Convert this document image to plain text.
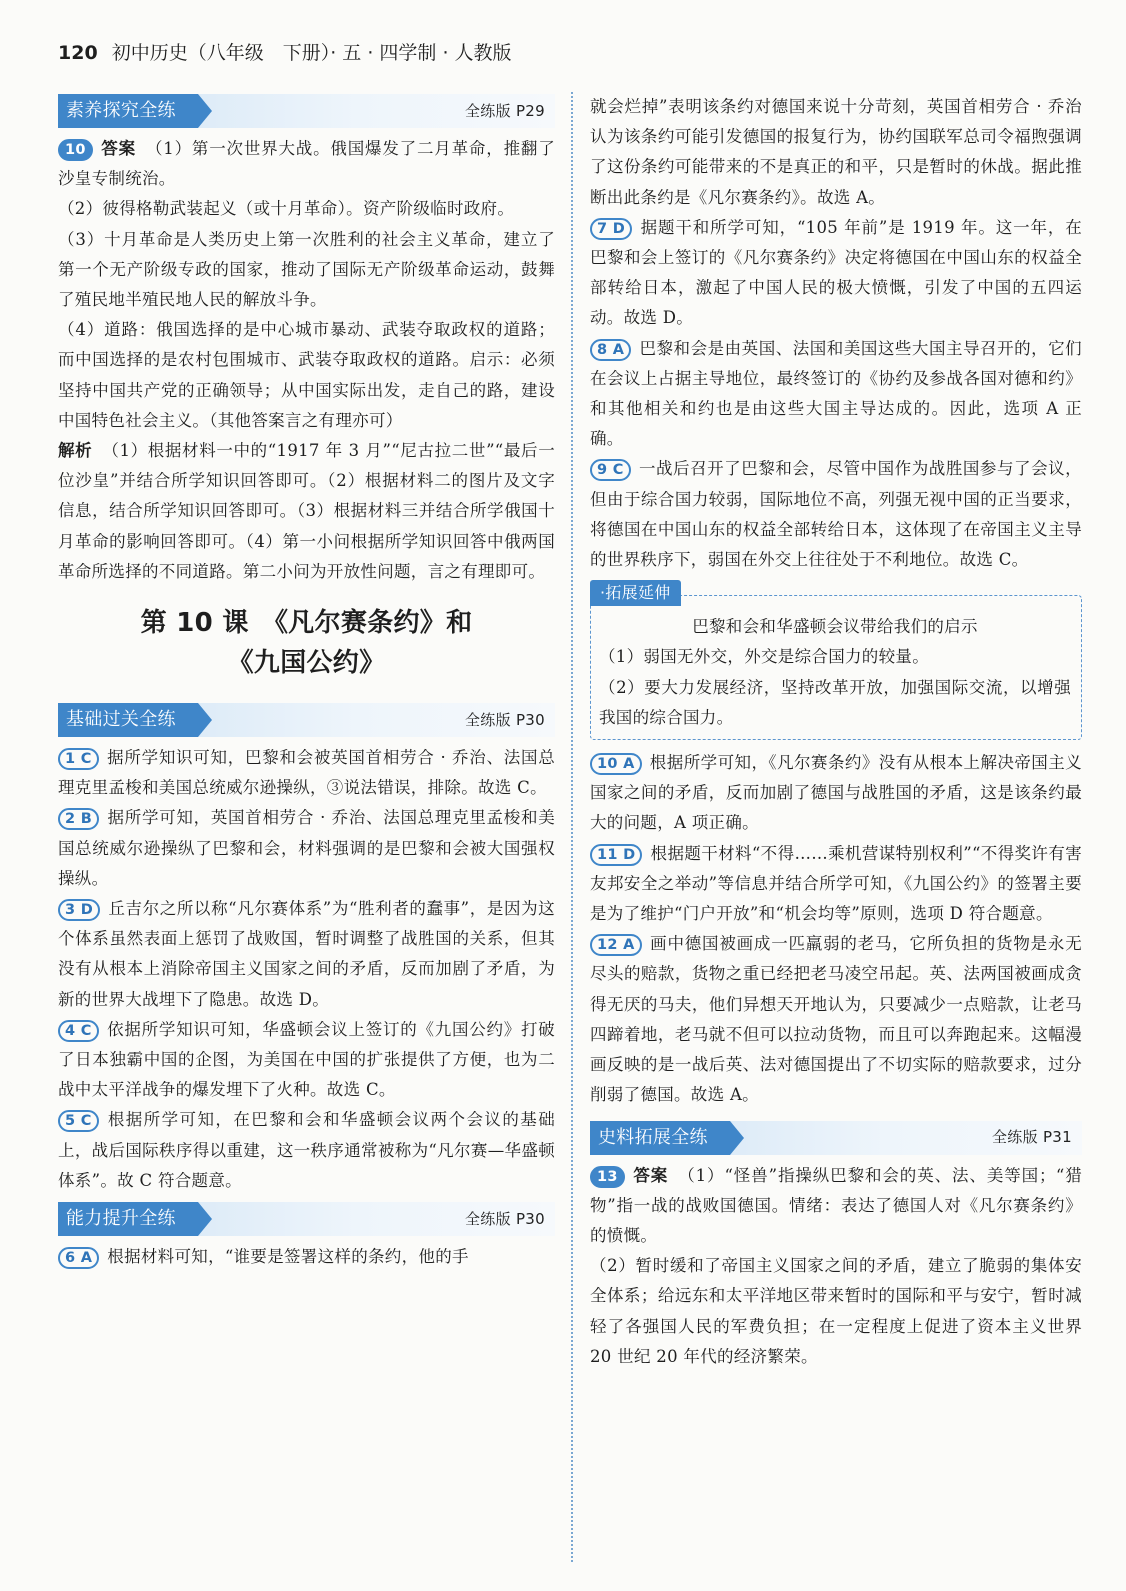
120 初中历史（八年级　下册）· 五 · 四学制 · 人教版
素养探究全练	全练版 P29

10 答案 （1）第一次世界大战。俄国爆发了二月革命，推翻了沙皇专制统治。

（2）彼得格勒武装起义（或十月革命）。资产阶级临时政府。

（3）十月革命是人类历史上第一次胜利的社会主义革命，建立了第一个无产阶级专政的国家，推动了国际无产阶级革命运动，鼓舞了殖民地半殖民地人民的解放斗争。

（4）道路：俄国选择的是中心城市暴动、武装夺取政权的道路；而中国选择的是农村包围城市、武装夺取政权的道路。启示：必须坚持中国共产党的正确领导；从中国实际出发，走自己的路，建设中国特色社会主义。（其他答案言之有理亦可）

解析 （1）根据材料一中的“1917 年 3 月”“尼古拉二世”“最后一位沙皇”并结合所学知识回答即可。（2）根据材料二的图片及文字信息，结合所学知识回答即可。（3）根据材料三并结合所学俄国十月革命的影响回答即可。（4）第一小问根据所学知识回答中俄两国革命所选择的不同道路。第二小问为开放性问题，言之有理即可。

第 10 课　《凡尔赛条约》和
《九国公约》
基础过关全练	全练版 P30

1 C 据所学知识可知，巴黎和会被英国首相劳合 · 乔治、法国总理克里孟梭和美国总统威尔逊操纵，③说法错误，排除。故选 C。

2 B 据所学可知，英国首相劳合 · 乔治、法国总理克里孟梭和美国总统威尔逊操纵了巴黎和会，材料强调的是巴黎和会被大国强权操纵。

3 D 丘吉尔之所以称“凡尔赛体系”为“胜利者的蠢事”，是因为这个体系虽然表面上惩罚了战败国，暂时调整了战胜国的关系，但其没有从根本上消除帝国主义国家之间的矛盾，反而加剧了矛盾，为新的世界大战埋下了隐患。故选 D。

4 C 依据所学知识可知，华盛顿会议上签订的《九国公约》打破了日本独霸中国的企图，为美国在中国的扩张提供了方便，也为二战中太平洋战争的爆发埋下了火种。故选 C。

5 C 根据所学可知，在巴黎和会和华盛顿会议两个会议的基础上，战后国际秩序得以重建，这一秩序通常被称为“凡尔赛—华盛顿体系”。故 C 符合题意。

能力提升全练	全练版 P30

6 A 根据材料可知，“谁要是签署这样的条约，他的手

就会烂掉”表明该条约对德国来说十分苛刻，英国首相劳合 · 乔治认为该条约可能引发德国的报复行为，协约国联军总司令福煦强调了这份条约可能带来的不是真正的和平，只是暂时的休战。据此推断出此条约是《凡尔赛条约》。故选 A。

7 D 据题干和所学可知，“105 年前”是 1919 年。这一年，在巴黎和会上签订的《凡尔赛条约》决定将德国在中国山东的权益全部转给日本，激起了中国人民的极大愤慨，引发了中国的五四运动。故选 D。

8 A 巴黎和会是由英国、法国和美国这些大国主导召开的，它们在会议上占据主导地位，最终签订的《协约及参战各国对德和约》和其他相关和约也是由这些大国主导达成的。因此，选项 A 正确。

9 C 一战后召开了巴黎和会，尽管中国作为战胜国参与了会议，但由于综合国力较弱，国际地位不高，列强无视中国的正当要求，将德国在中国山东的权益全部转给日本，这体现了在帝国主义主导的世界秩序下，弱国在外交上往往处于不利地位。故选 C。

·拓展延伸
巴黎和会和华盛顿会议带给我们的启示

（1）弱国无外交，外交是综合国力的较量。

（2）要大力发展经济，坚持改革开放，加强国际交流，以增强我国的综合国力。

10 A 根据所学可知，《凡尔赛条约》没有从根本上解决帝国主义国家之间的矛盾，反而加剧了德国与战胜国的矛盾，这是该条约最大的问题，A 项正确。

11 D 根据题干材料“不得……乘机营谋特别权利”“不得奖许有害友邦安全之举动”等信息并结合所学可知，《九国公约》的签署主要是为了维护“门户开放”和“机会均等”原则，选项 D 符合题意。

12 A 画中德国被画成一匹羸弱的老马，它所负担的货物是永无尽头的赔款，货物之重已经把老马凌空吊起。英、法两国被画成贪得无厌的马夫，他们异想天开地认为，只要减少一点赔款，让老马四蹄着地，老马就不但可以拉动货物，而且可以奔跑起来。这幅漫画反映的是一战后英、法对德国提出了不切实际的赔款要求，过分削弱了德国。故选 A。

史料拓展全练	全练版 P31

13 答案 （1）“怪兽”指操纵巴黎和会的英、法、美等国；“猎物”指一战的战败国德国。情绪：表达了德国人对《凡尔赛条约》的愤慨。

（2）暂时缓和了帝国主义国家之间的矛盾，建立了脆弱的集体安全体系；给远东和太平洋地区带来暂时的国际和平与安宁，暂时减轻了各强国人民的军费负担；在一定程度上促进了资本主义世界 20 世纪 20 年代的经济繁荣。
